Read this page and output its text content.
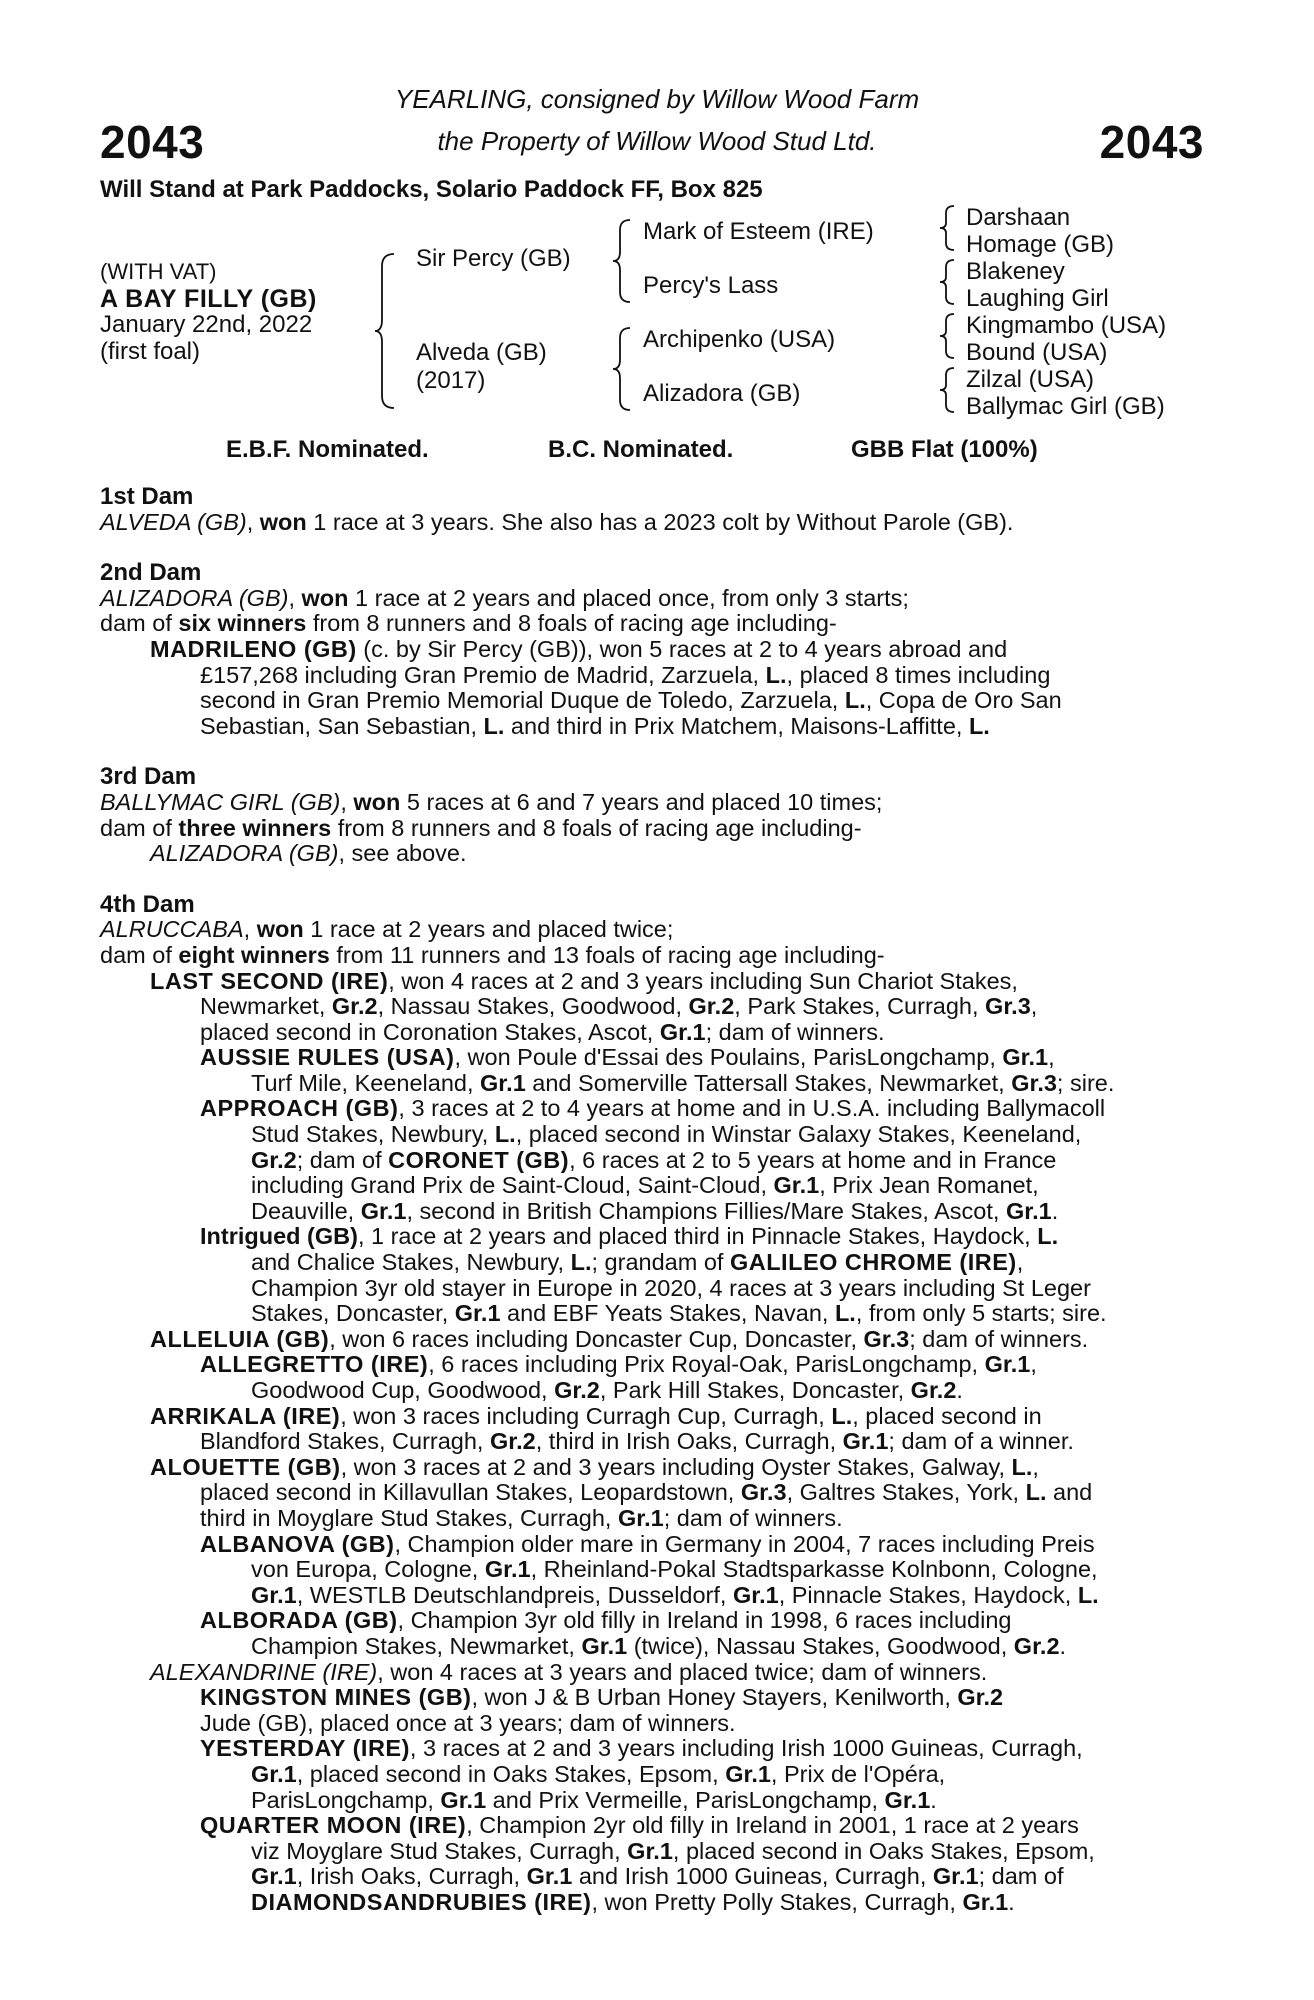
2043	2043
YEARLING, consigned by Willow Wood Farm
the Property of Willow Wood Stud Ltd.
Will Stand at Park Paddocks, Solario Paddock FF, Box 825
(WITH VAT)
A BAY FILLY (GB)
January 22nd, 2022
(first foal)
Sir Percy (GB)
Alveda (GB)
(2017)
Mark of Esteem (IRE)
Percy's Lass
Archipenko (USA)
Alizadora (GB)
Darshaan
Homage (GB)
Blakeney
Laughing Girl
Kingmambo (USA)
Bound (USA)
Zilzal (USA)
Ballymac Girl (GB)
E.B.F. Nominated.	B.C. Nominated.	GBB Flat (100%)
1st Dam
ALVEDA (GB), won 1 race at 3 years. She also has a 2023 colt by Without Parole (GB).
2nd Dam
ALIZADORA (GB), won 1 race at 2 years and placed once, from only 3 starts;
dam of six winners from 8 runners and 8 foals of racing age including-
MADRILENO (GB) (c. by Sir Percy (GB)), won 5 races at 2 to 4 years abroad and
£157,268 including Gran Premio de Madrid, Zarzuela, L., placed 8 times including
second in Gran Premio Memorial Duque de Toledo, Zarzuela, L., Copa de Oro San
Sebastian, San Sebastian, L. and third in Prix Matchem, Maisons-Laffitte, L.
3rd Dam
BALLYMAC GIRL (GB), won 5 races at 6 and 7 years and placed 10 times;
dam of three winners from 8 runners and 8 foals of racing age including-
ALIZADORA (GB), see above.
4th Dam
ALRUCCABA, won 1 race at 2 years and placed twice;
dam of eight winners from 11 runners and 13 foals of racing age including-
LAST SECOND (IRE), won 4 races at 2 and 3 years including Sun Chariot Stakes,
Newmarket, Gr.2, Nassau Stakes, Goodwood, Gr.2, Park Stakes, Curragh, Gr.3,
placed second in Coronation Stakes, Ascot, Gr.1; dam of winners.
AUSSIE RULES (USA), won Poule d'Essai des Poulains, ParisLongchamp, Gr.1,
Turf Mile, Keeneland, Gr.1 and Somerville Tattersall Stakes, Newmarket, Gr.3; sire.
APPROACH (GB), 3 races at 2 to 4 years at home and in U.S.A. including Ballymacoll
Stud Stakes, Newbury, L., placed second in Winstar Galaxy Stakes, Keeneland,
Gr.2; dam of CORONET (GB), 6 races at 2 to 5 years at home and in France
including Grand Prix de Saint-Cloud, Saint-Cloud, Gr.1, Prix Jean Romanet,
Deauville, Gr.1, second in British Champions Fillies/Mare Stakes, Ascot, Gr.1.
Intrigued (GB), 1 race at 2 years and placed third in Pinnacle Stakes, Haydock, L.
and Chalice Stakes, Newbury, L.; grandam of GALILEO CHROME (IRE),
Champion 3yr old stayer in Europe in 2020, 4 races at 3 years including St Leger
Stakes, Doncaster, Gr.1 and EBF Yeats Stakes, Navan, L., from only 5 starts; sire.
ALLELUIA (GB), won 6 races including Doncaster Cup, Doncaster, Gr.3; dam of winners.
ALLEGRETTO (IRE), 6 races including Prix Royal-Oak, ParisLongchamp, Gr.1,
Goodwood Cup, Goodwood, Gr.2, Park Hill Stakes, Doncaster, Gr.2.
ARRIKALA (IRE), won 3 races including Curragh Cup, Curragh, L., placed second in
Blandford Stakes, Curragh, Gr.2, third in Irish Oaks, Curragh, Gr.1; dam of a winner.
ALOUETTE (GB), won 3 races at 2 and 3 years including Oyster Stakes, Galway, L.,
placed second in Killavullan Stakes, Leopardstown, Gr.3, Galtres Stakes, York, L. and
third in Moyglare Stud Stakes, Curragh, Gr.1; dam of winners.
ALBANOVA (GB), Champion older mare in Germany in 2004, 7 races including Preis
von Europa, Cologne, Gr.1, Rheinland-Pokal Stadtsparkasse Kolnbonn, Cologne,
Gr.1, WESTLB Deutschlandpreis, Dusseldorf, Gr.1, Pinnacle Stakes, Haydock, L.
ALBORADA (GB), Champion 3yr old filly in Ireland in 1998, 6 races including
Champion Stakes, Newmarket, Gr.1 (twice), Nassau Stakes, Goodwood, Gr.2.
ALEXANDRINE (IRE), won 4 races at 3 years and placed twice; dam of winners.
KINGSTON MINES (GB), won J & B Urban Honey Stayers, Kenilworth, Gr.2
Jude (GB), placed once at 3 years; dam of winners.
YESTERDAY (IRE), 3 races at 2 and 3 years including Irish 1000 Guineas, Curragh,
Gr.1, placed second in Oaks Stakes, Epsom, Gr.1, Prix de l'Opéra,
ParisLongchamp, Gr.1 and Prix Vermeille, ParisLongchamp, Gr.1.
QUARTER MOON (IRE), Champion 2yr old filly in Ireland in 2001, 1 race at 2 years
viz Moyglare Stud Stakes, Curragh, Gr.1, placed second in Oaks Stakes, Epsom,
Gr.1, Irish Oaks, Curragh, Gr.1 and Irish 1000 Guineas, Curragh, Gr.1; dam of
DIAMONDSANDRUBIES (IRE), won Pretty Polly Stakes, Curragh, Gr.1.
